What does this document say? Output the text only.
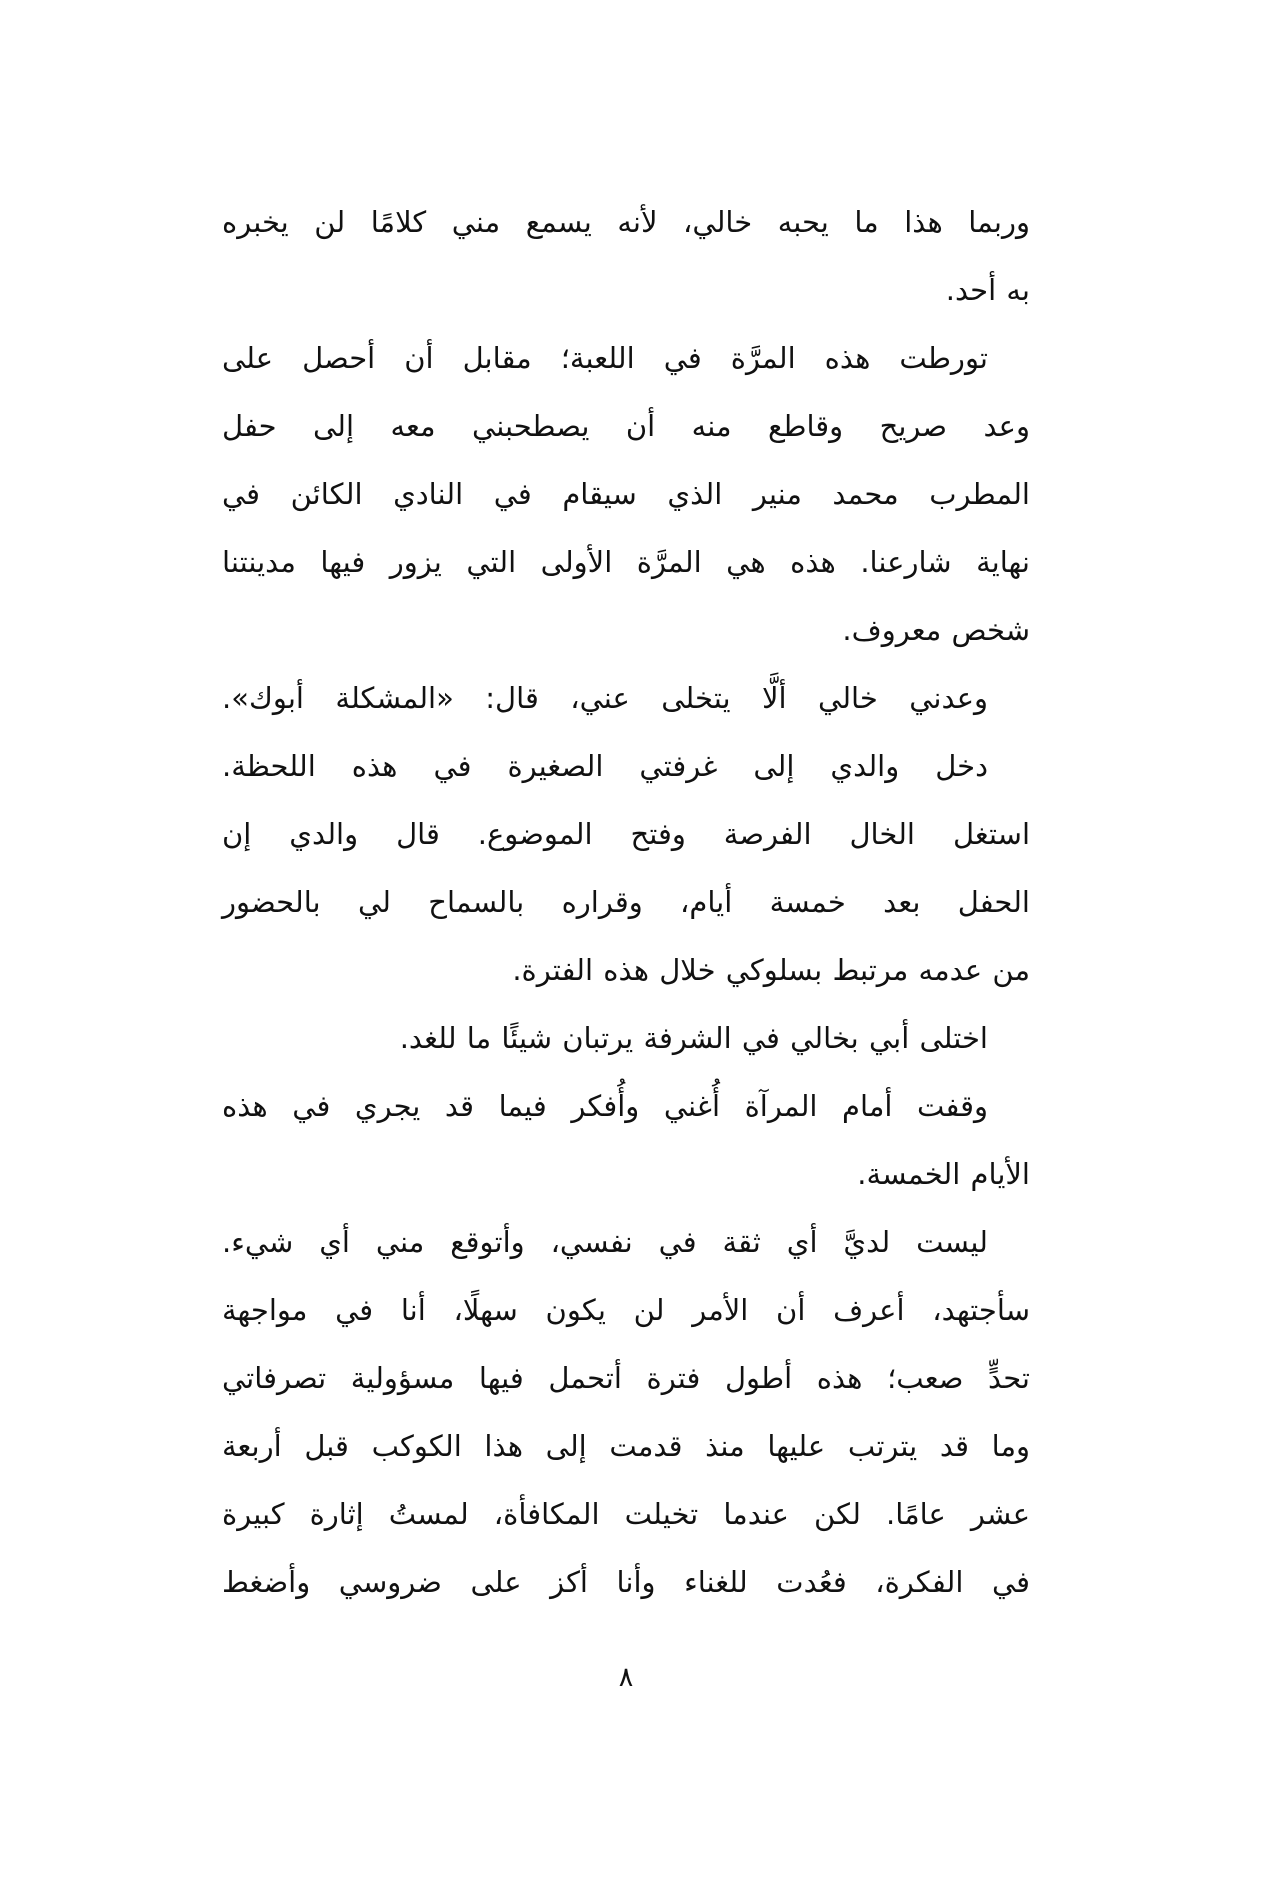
وربما هذا ما يحبه خالي، لأنه يسمع مني كلامًا لن يخبره
به أحد.
تورطت هذه المرَّة في اللعبة؛ مقابل أن أحصل على
وعد صريح وقاطع منه أن يصطحبني معه إلى حفل
المطرب محمد منير الذي سيقام في النادي الكائن في
نهاية شارعنا. هذه هي المرَّة الأولى التي يزور فيها مدينتنا
شخص معروف.
وعدني خالي ألَّا يتخلى عني، قال: «المشكلة أبوك».
دخل والدي إلى غرفتي الصغيرة في هذه اللحظة.
استغل الخال الفرصة وفتح الموضوع. قال والدي إن
الحفل بعد خمسة أيام، وقراره بالسماح لي بالحضور
من عدمه مرتبط بسلوكي خلال هذه الفترة.
اختلى أبي بخالي في الشرفة يرتبان شيئًا ما للغد.
وقفت أمام المرآة أُغني وأُفكر فيما قد يجري في هذه
الأيام الخمسة.
ليست لديَّ أي ثقة في نفسي، وأتوقع مني أي شيء.
سأجتهد، أعرف أن الأمر لن يكون سهلًا، أنا في مواجهة
تحدٍّ صعب؛ هذه أطول فترة أتحمل فيها مسؤولية تصرفاتي
وما قد يترتب عليها منذ قدمت إلى هذا الكوكب قبل أربعة
عشر عامًا. لكن عندما تخيلت المكافأة، لمستُ إثارة كبيرة
في الفكرة، فعُدت للغناء وأنا أكز على ضروسي وأضغط
٨
